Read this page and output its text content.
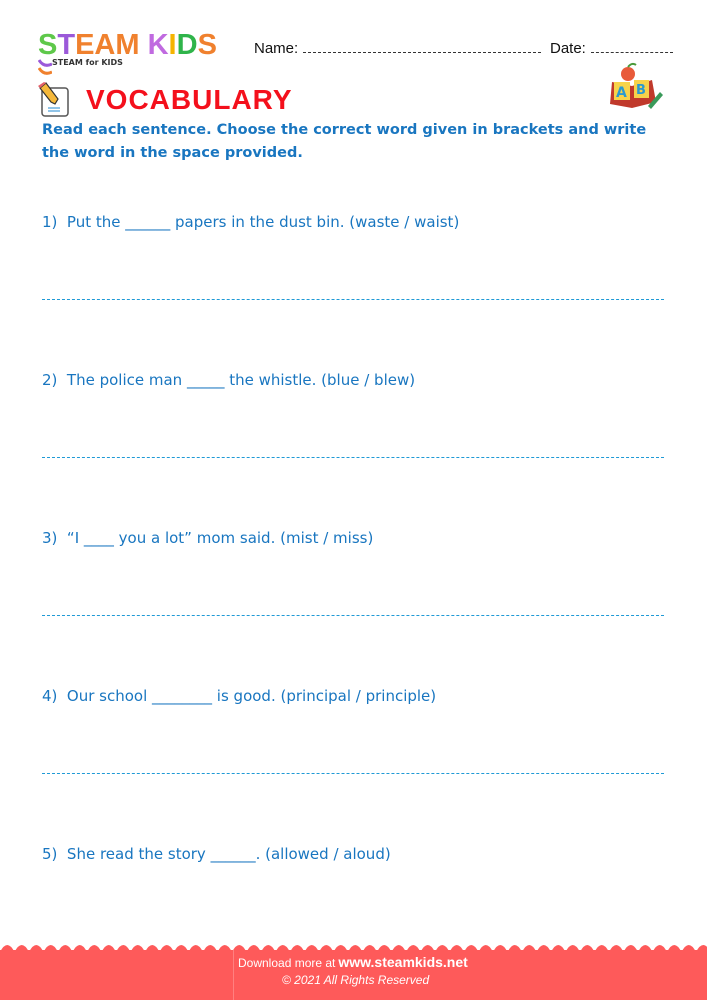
STEAM KIDS
STEAM for KIDS
Name:	Date:
VOCABULARY	A B
Read each sentence. Choose the correct word given in brackets and write the word in the space provided.
1)  Put the ______ papers in the dust bin. (waste / waist)
2)  The police man _____ the whistle. (blue / blew)
3)  “I ____ you a lot” mom said. (mist / miss)
4)  Our school ________ is good. (principal / principle)
5)  She read the story ______. (allowed / aloud)
Download more at www.steamkids.net
© 2021 All Rights Reserved
